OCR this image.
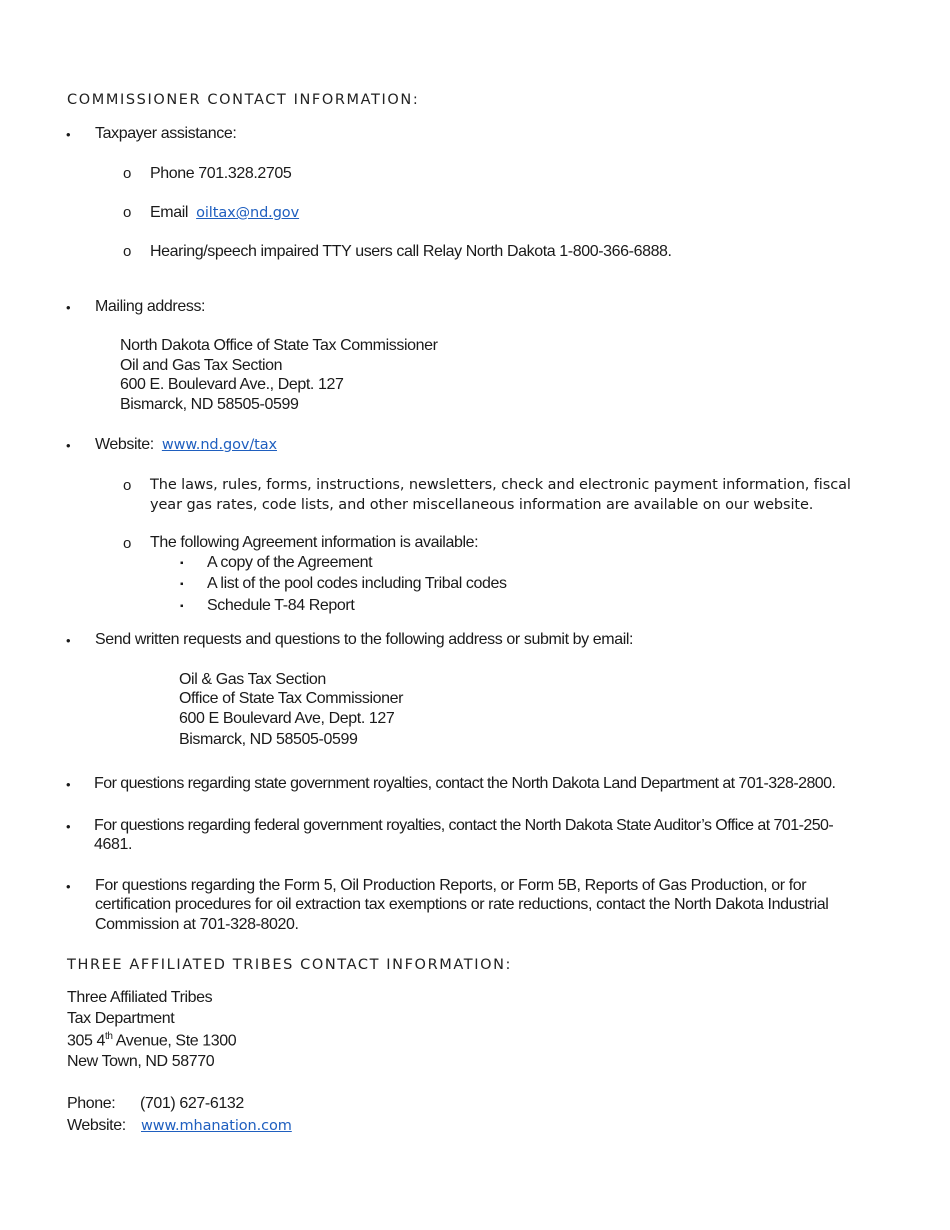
COMMISSIONER CONTACT INFORMATION:
• Taxpayer assistance:
o Phone 701.328.2705
o Email oiltax@nd.gov
o Hearing/speech impaired TTY users call Relay North Dakota 1-800-366-6888.
• Mailing address:
North Dakota Office of State Tax Commissioner
Oil and Gas Tax Section
600 E. Boulevard Ave., Dept. 127
Bismarck, ND 58505-0599
• Website: www.nd.gov/tax
o The laws, rules, forms, instructions, newsletters, check and electronic payment information, fiscal
year gas rates, code lists, and other miscellaneous information are available on our website.
o The following Agreement information is available:
▪ A copy of the Agreement
▪ A list of the pool codes including Tribal codes
▪ Schedule T-84 Report
• Send written requests and questions to the following address or submit by email:
Oil & Gas Tax Section
Office of State Tax Commissioner
600 E Boulevard Ave, Dept. 127
Bismarck, ND 58505-0599
• For questions regarding state government royalties, contact the North Dakota Land Department at 701-328-2800.
• For questions regarding federal government royalties, contact the North Dakota State Auditor’s Office at 701-250-
4681.
• For questions regarding the Form 5, Oil Production Reports, or Form 5B, Reports of Gas Production, or for
certification procedures for oil extraction tax exemptions or rate reductions, contact the North Dakota Industrial
Commission at 701-328-8020.
THREE AFFILIATED TRIBES CONTACT INFORMATION:
Three Affiliated Tribes
Tax Department
305 4th Avenue, Ste 1300
New Town, ND 58770
Phone: (701) 627-6132
Website: www.mhanation.com
